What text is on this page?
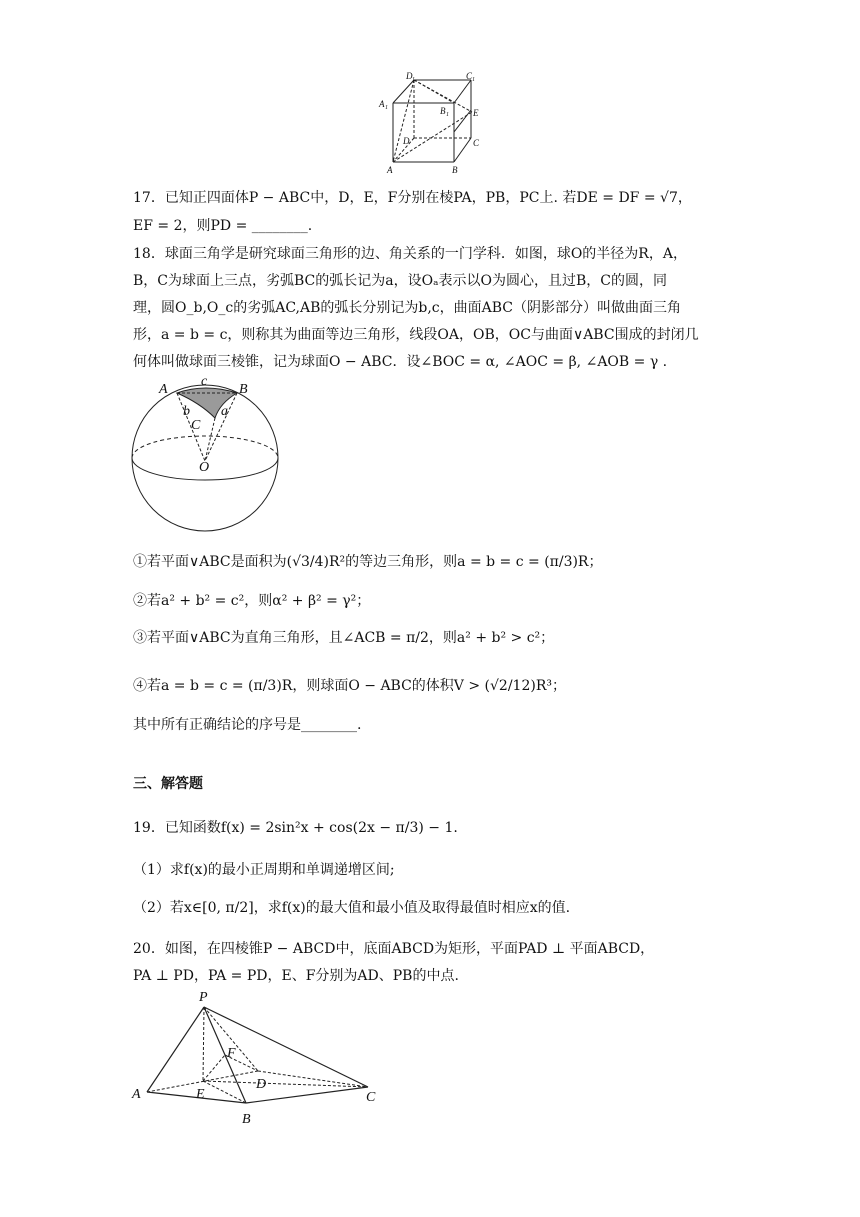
D 1	C 1
A 1	B 1	E
D	C
A	B
17．已知正四面体P − ABC中，D，E，F分别在棱PA，PB，PC上. 若DE = DF = √7，
EF = 2，则PD = ________.
18．球面三角学是研究球面三角形的边、角关系的一门学科．如图，球O的半径为R，A，
B，C为球面上三点，劣弧BC的弧长记为a，设Oₐ表示以O为圆心，且过B，C的圆，同
理，圆O_b,O_c的劣弧AC,AB的弧长分别记为b,c，曲面ABC（阴影部分）叫做曲面三角
形，a = b = c，则称其为曲面等边三角形，线段OA，OB，OC与曲面∨ABC围成的封闭几
何体叫做球面三棱锥，记为球面O − ABC．设∠BOC = α, ∠AOC = β, ∠AOB = γ .
A	B
c
b a
C
O
①若平面∨ABC是面积为(√3/4)R²的等边三角形，则a = b = c = (π/3)R；
②若a² + b² = c²，则α² + β² = γ²；
③若平面∨ABC为直角三角形，且∠ACB = π/2，则a² + b² > c²；
④若a = b = c = (π/3)R，则球面O − ABC的体积V > (√2/12)R³；
其中所有正确结论的序号是________.
三、解答题
19．已知函数f(x) = 2sin²x + cos(2x − π/3) − 1.
（1）求f(x)的最小正周期和单调递增区间;
（2）若x∈[0, π/2]，求f(x)的最大值和最小值及取得最值时相应x的值.
20．如图，在四棱锥P − ABCD中，底面ABCD为矩形，平面PAD ⊥ 平面ABCD，
PA ⊥ PD，PA = PD，E、F分别为AD、PB的中点.
P
A
B
C
D
E
F
